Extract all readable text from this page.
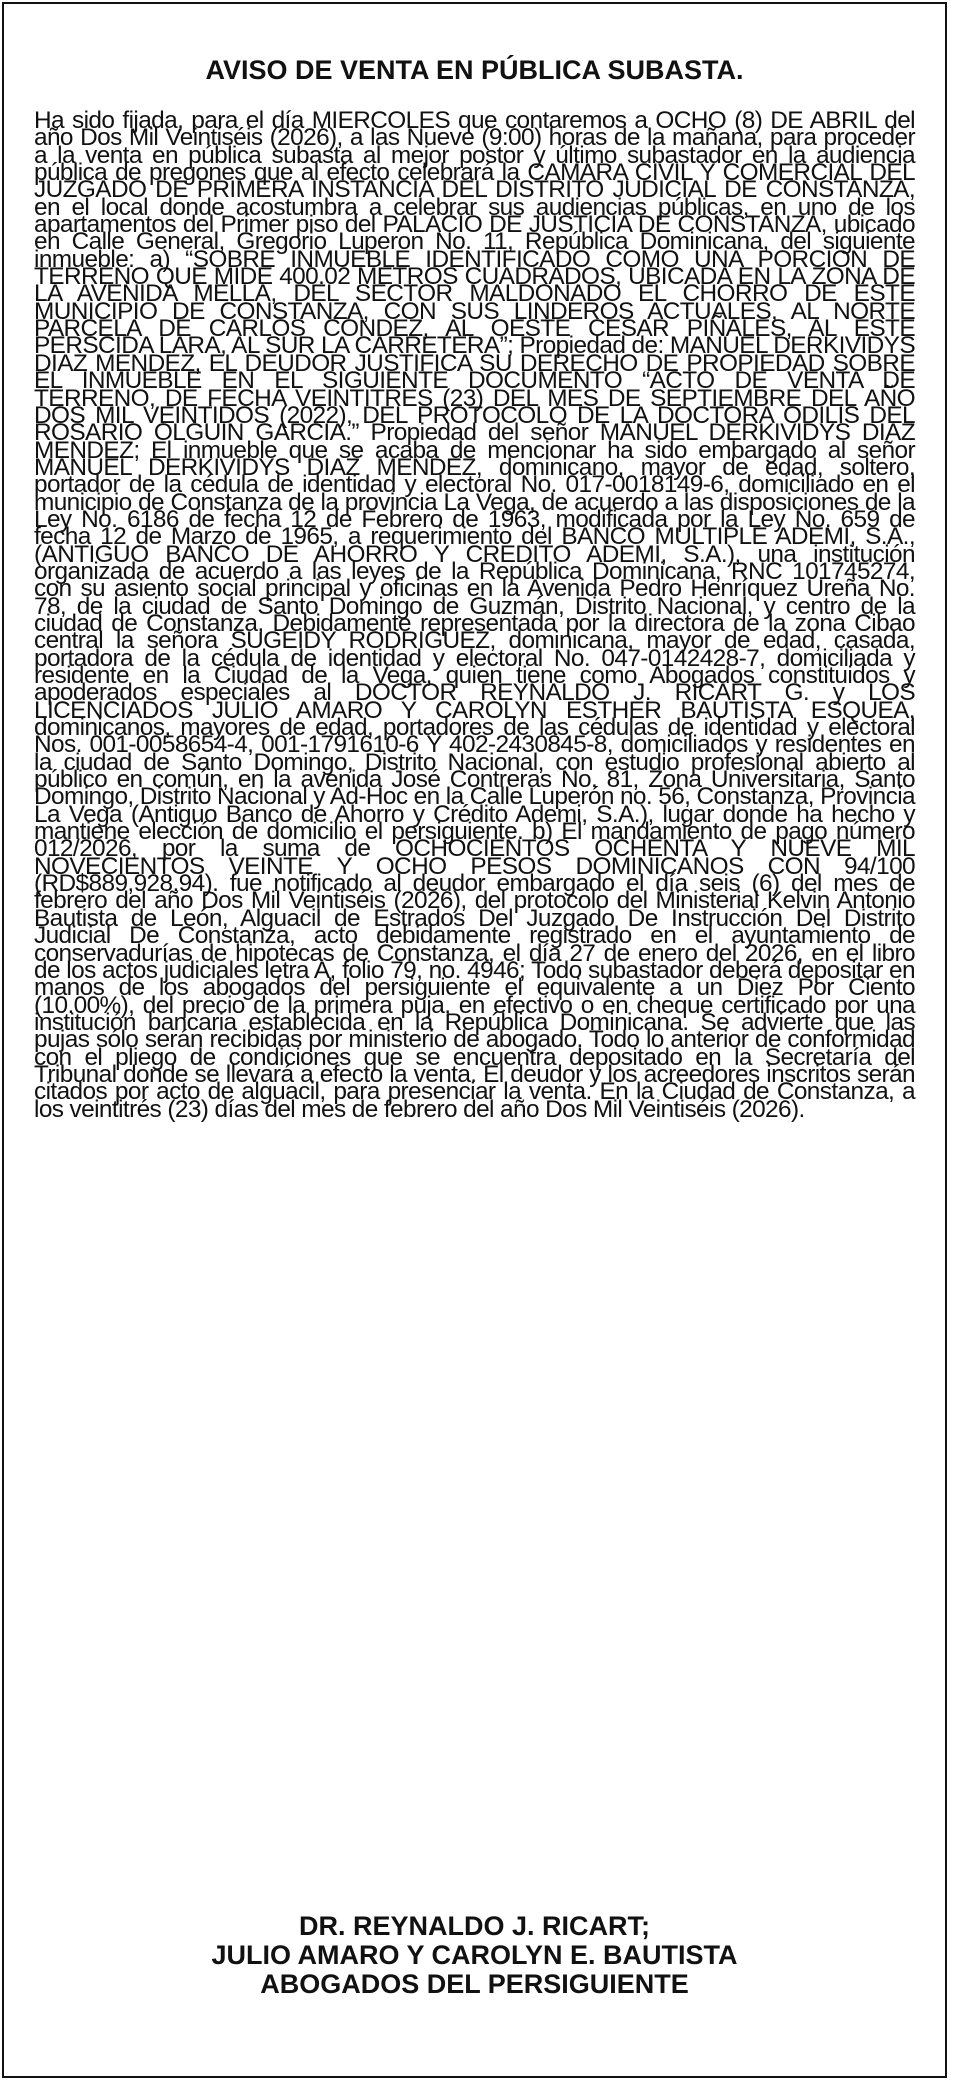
AVISO DE VENTA EN PÚBLICA SUBASTA.

Ha sido fijada, para el día MIERCOLES que contaremos a OCHO (8) DE ABRIL del año Dos Mil Veintiséis (2026), a las Nueve (9:00) horas de la mañana, para proceder a la venta en pública subasta al mejor postor y último subastador en la audiencia pública de pregones que al efecto celebrará la CAMARA CIVIL Y COMERCIAL DEL JUZGADO DE PRIMERA INSTANCIA DEL DISTRITO JUDICIAL DE CONSTANZA, en el local donde acostumbra a celebrar sus audiencias públicas, en uno de los apartamentos del Primer piso del PALACIO DE JUSTICIA DE CONSTANZA, ubicado en Calle General, Gregorio Luperon No. 11, República Dominicana, del siguiente inmueble: a) “SOBRE INMUEBLE IDENTIFICADO COMO UNA PORCION DE TERRENO QUE MIDE 400.02 METROS CUADRADOS, UBICADA EN LA ZONA DE LA AVENIDA MELLA, DEL SECTOR MALDONADO EL CHORRO DE ESTE MUNICIPIO DE CONSTANZA, CON SUS LINDEROS ACTUALES, AL NORTE PARCELA DE CARLOS CONDEZ, AL OESTE CESAR PIÑALES, AL ESTE PERSCIDA LARA, AL SUR LA CARRETERA”; Propiedad de: MANUEL DERKIVIDYS DIAZ MENDEZ, EL DEUDOR JUSTIFICA SU DERECHO DE PROPIEDAD SOBRE EL INMUEBLE EN EL SIGUIENTE DOCUMENTO “ACTO DE VENTA DE TERRENO, DE FECHA VEINTITRES (23) DEL MES DE SEPTIEMBRE DEL AÑO DOS MIL VEINTIDOS (2022), DEL PROTOCOLO DE LA DOCTORA ODILIS DEL ROSARIO OLGUIN GARCIA.” Propiedad del señor MANUEL DERKIVIDYS DIAZ MENDEZ; El inmueble que se acaba de mencionar ha sido embargado al señor MANUEL DERKIVIDYS DIAZ MENDEZ, dominicano, mayor de edad, soltero, portador de la cédula de identidad y electoral No. 017-0018149-6, domiciliado en el municipio de Constanza de la provincia La Vega, de acuerdo a las disposiciones de la Ley No. 6186 de fecha 12 de Febrero de 1963, modificada por la Ley No. 659 de fecha 12 de Marzo de 1965, a requerimiento del BANCO MULTIPLE ADEMI, S.A., (ANTIGUO BANCO DE AHORRO Y CREDITO ADEMI, S.A.), una institución organizada de acuerdo a las leyes de la República Dominicana, RNC 101745274, con su asiento social principal y oficinas en la Avenida Pedro Henríquez Ureña No. 78, de la ciudad de Santo Domingo de Guzmán, Distrito Nacional, y centro de la ciudad de Constanza, Debidamente representada por la directora de la zona Cibao central la señora SUGEIDY RODRIGUEZ, dominicana, mayor de edad, casada, portadora de la cédula de identidad y electoral No. 047-0142428-7, domiciliada y residente en la Ciudad de la Vega, quien tiene como Abogados constituidos y apoderados especiales al DOCTOR REYNALDO J. RICART G. y LOS LICENCIADOS JULIO AMARO Y CAROLYN ESTHER BAUTISTA ESQUEA, dominicanos, mayores de edad, portadores de las cédulas de identidad y electoral Nos. 001-0058654-4, 001-1791610-6 Y 402-2430845-8, domiciliados y residentes en la ciudad de Santo Domingo, Distrito Nacional, con estudio profesional abierto al público en común, en la avenida José Contreras No. 81, Zona Universitaria, Santo Domingo, Distrito Nacional y Ad-Hoc en la Calle Luperón no. 56, Constanza, Provincia La Vega (Antiguo Banco de Ahorro y Crédito Ademi, S.A.), lugar donde ha hecho y mantiene elección de domicilio el persiguiente. b) El mandamiento de pago número 012/2026, por la suma de OCHOCIENTOS OCHENTA Y NUEVE MIL NOVECIENTOS VEINTE Y OCHO PESOS DOMINICANOS CON 94/100 (RD$889,928.94). fue notificado al deudor embargado el día seis (6) del mes de febrero del año Dos Mil Veintiséis (2026), del protocolo del Ministerial Kelvin Antonio Bautista de León, Alguacil de Estrados Del Juzgado De Instrucción Del Distrito Judicial De Constanza, acto debidamente registrado en el ayuntamiento de conservadurías de hipotecas de Constanza, el día 27 de enero del 2026, en el libro de los actos judiciales letra A, folio 79, no. 4946; Todo subastador deberá depositar en manos de los abogados del persiguiente el equivalente a un Diez Por Ciento (10.00%), del precio de la primera puja, en efectivo o en cheque certificado por una institución bancaria establecida en la República Dominicana. Se advierte que las pujas sólo serán recibidas por ministerio de abogado. Todo lo anterior de conformidad con el pliego de condiciones que se encuentra depositado en la Secretaría del Tribunal donde se llevará a efecto la venta. El deudor y los acreedores inscritos serán citados por acto de alguacil, para presenciar la venta. En la Ciudad de Constanza, a los veintitrés (23) días del mes de febrero del año Dos Mil Veintiséis (2026).

DR. REYNALDO J. RICART;
JULIO AMARO Y CAROLYN E. BAUTISTA
ABOGADOS DEL PERSIGUIENTE
